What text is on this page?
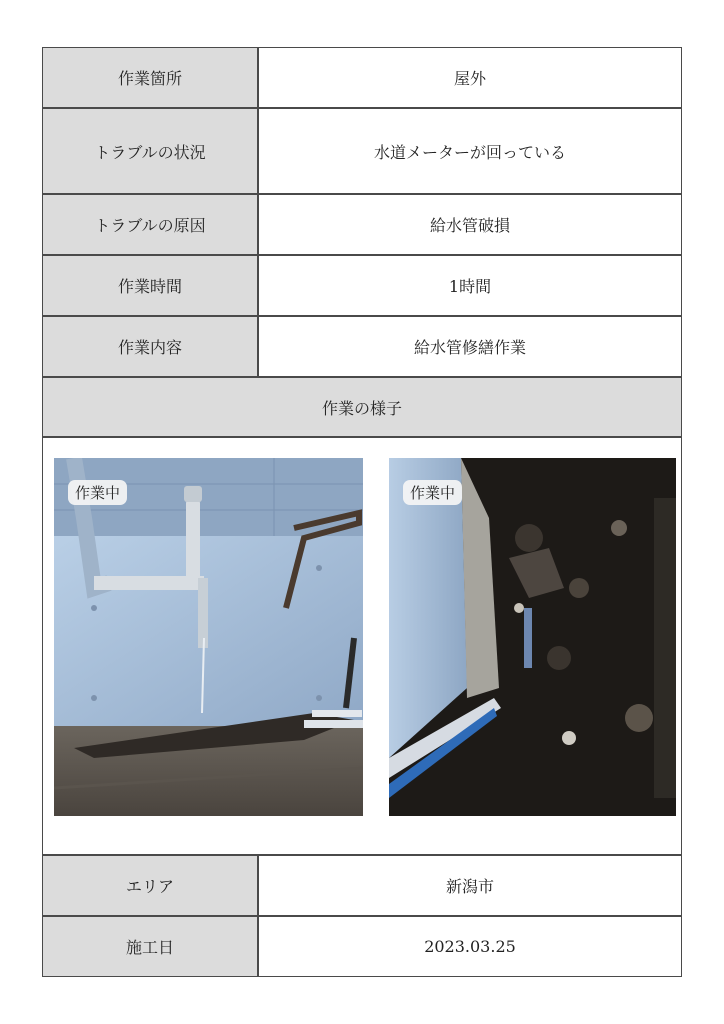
作業箇所	屋外
トラブルの状況	水道メーターが回っている
トラブルの原因	給水管破損
作業時間	1時間
作業内容	給水管修繕作業
作業の様子
作業中	作業中
エリア	新潟市
施工日	2023.03.25
